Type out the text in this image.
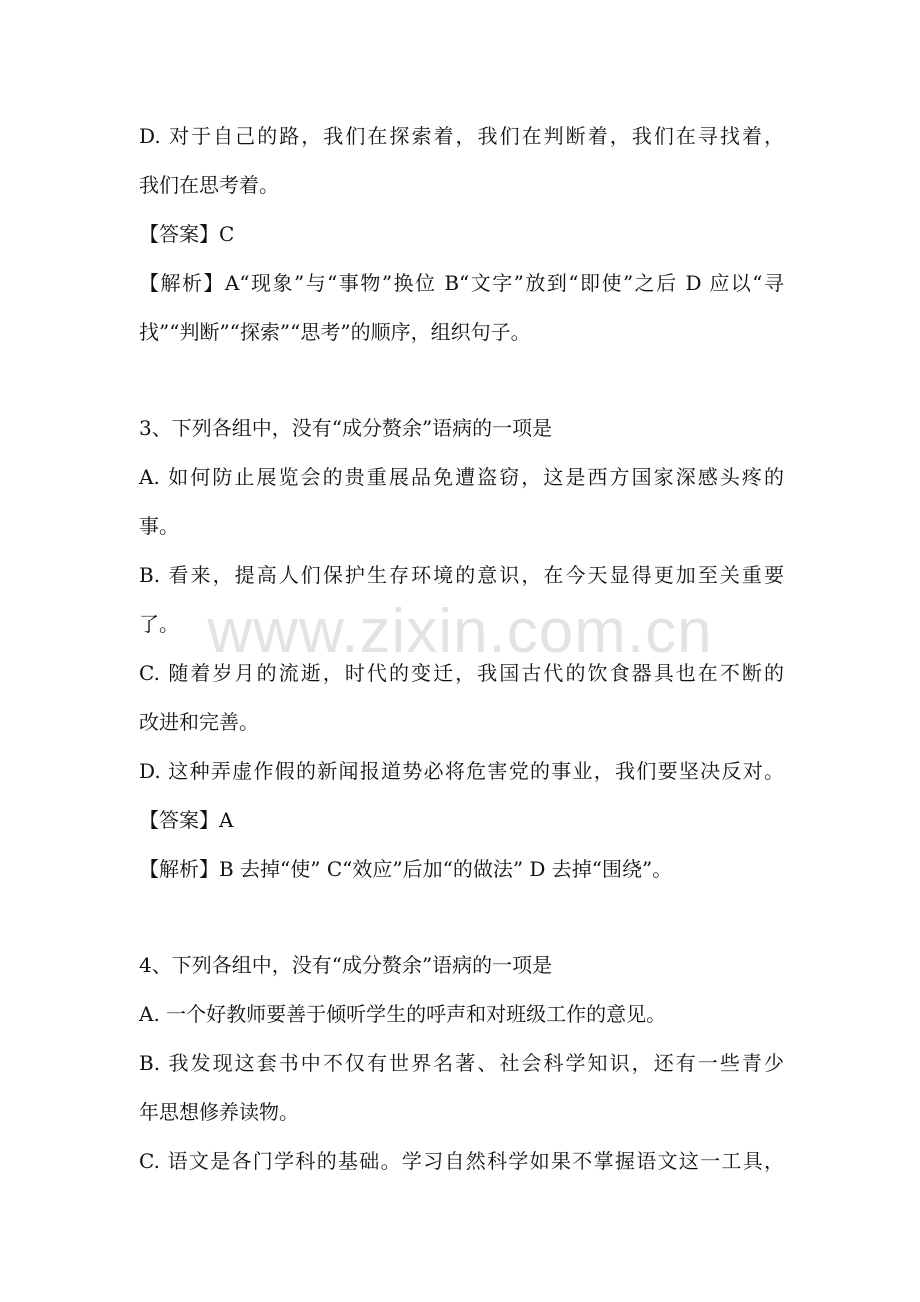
D. 对于自己的路，我们在探索着，我们在判断着，我们在寻找着，
我们在思考着。
【答案】C
【解析】A“现象”与“事物”换位 B“文字”放到“即使”之后 D 应以“寻
找”“判断”“探索”“思考”的顺序，组织句子。
3、下列各组中，没有“成分赘余”语病的一项是
A. 如何防止展览会的贵重展品免遭盗窃，这是西方国家深感头疼的
事。
B. 看来，提高人们保护生存环境的意识，在今天显得更加至关重要
了。
C. 随着岁月的流逝，时代的变迁，我国古代的饮食器具也在不断的
改进和完善。
D. 这种弄虚作假的新闻报道势必将危害党的事业，我们要坚决反对。
【答案】A
【解析】B 去掉“使” C“效应”后加“的做法” D 去掉“围绕”。
4、下列各组中，没有“成分赘余”语病的一项是
A. 一个好教师要善于倾听学生的呼声和对班级工作的意见。
B. 我发现这套书中不仅有世界名著、社会科学知识，还有一些青少
年思想修养读物。
C. 语文是各门学科的基础。学习自然科学如果不掌握语文这一工具，
www.zixin.com.cn
